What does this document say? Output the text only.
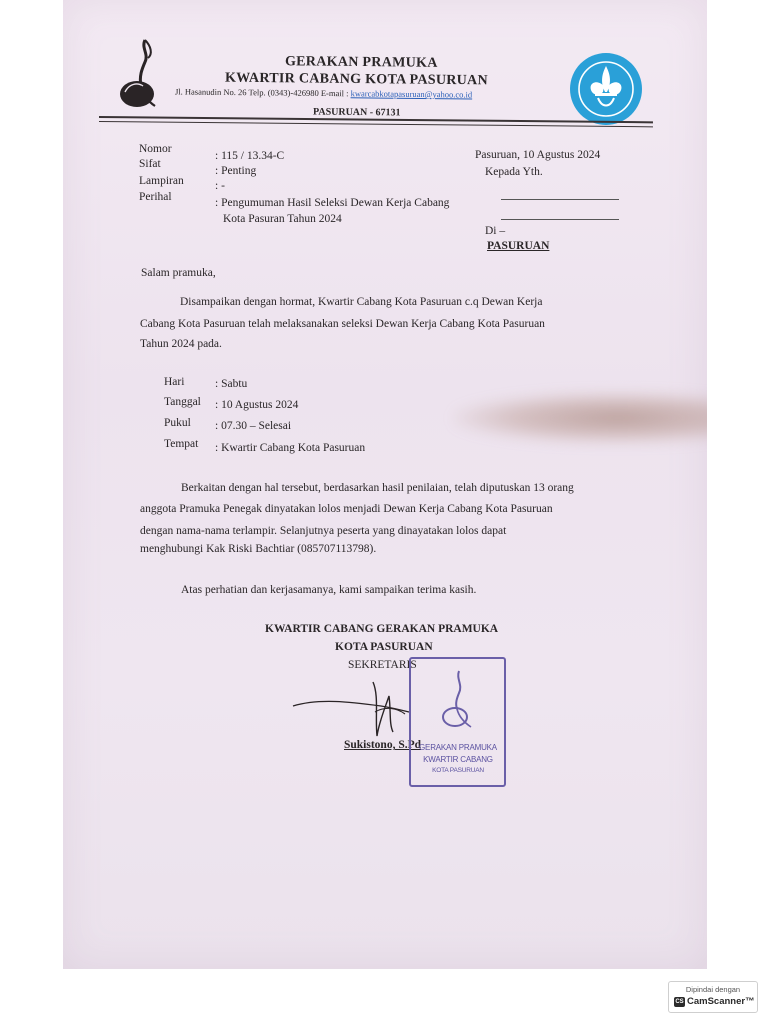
GERAKAN PRAMUKA
KWARTIR CABANG KOTA PASURUAN
Jl. Hasanudin No. 26 Telp. (0343)-426980 E-mail : kwarcabkotapasuruan@yahoo.co.id
PASURUAN - 67131
Nomor
: 115 / 13.34-C
Sifat
: Penting
Lampiran	: -
Perihal	: Pengumuman Hasil Seleksi Dewan Kerja Cabang
Kota Pasuran Tahun 2024
Pasuruan, 10 Agustus 2024
Kepada Yth.
Di –
PASURUAN
Salam pramuka,
Disampaikan dengan hormat, Kwartir Cabang Kota Pasuruan c.q Dewan Kerja
Cabang Kota Pasuruan telah melaksanakan seleksi Dewan Kerja Cabang Kota Pasuruan
Tahun 2024 pada.
Hari	: Sabtu
Tanggal : 10 Agustus 2024
Pukul : 07.30 – Selesai
Tempat : Kwartir Cabang Kota Pasuruan
Berkaitan dengan hal tersebut, berdasarkan hasil penilaian, telah diputuskan 13 orang
anggota Pramuka Penegak dinyatakan lolos menjadi Dewan Kerja Cabang Kota Pasuruan
dengan nama-nama terlampir. Selanjutnya peserta yang dinayatakan lolos dapat
menghubungi Kak Riski Bachtiar (085707113798).
Atas perhatian dan kerjasamanya, kami sampaikan terima kasih.
KWARTIR CABANG GERAKAN PRAMUKA
KOTA PASURUAN
SEKRETARIS
Sukistono, S.Pd
GERAKAN PRAMUKA
KWARTIR CABANG
KOTA PASURUAN
Dipindai dengan
CS CamScanner™
